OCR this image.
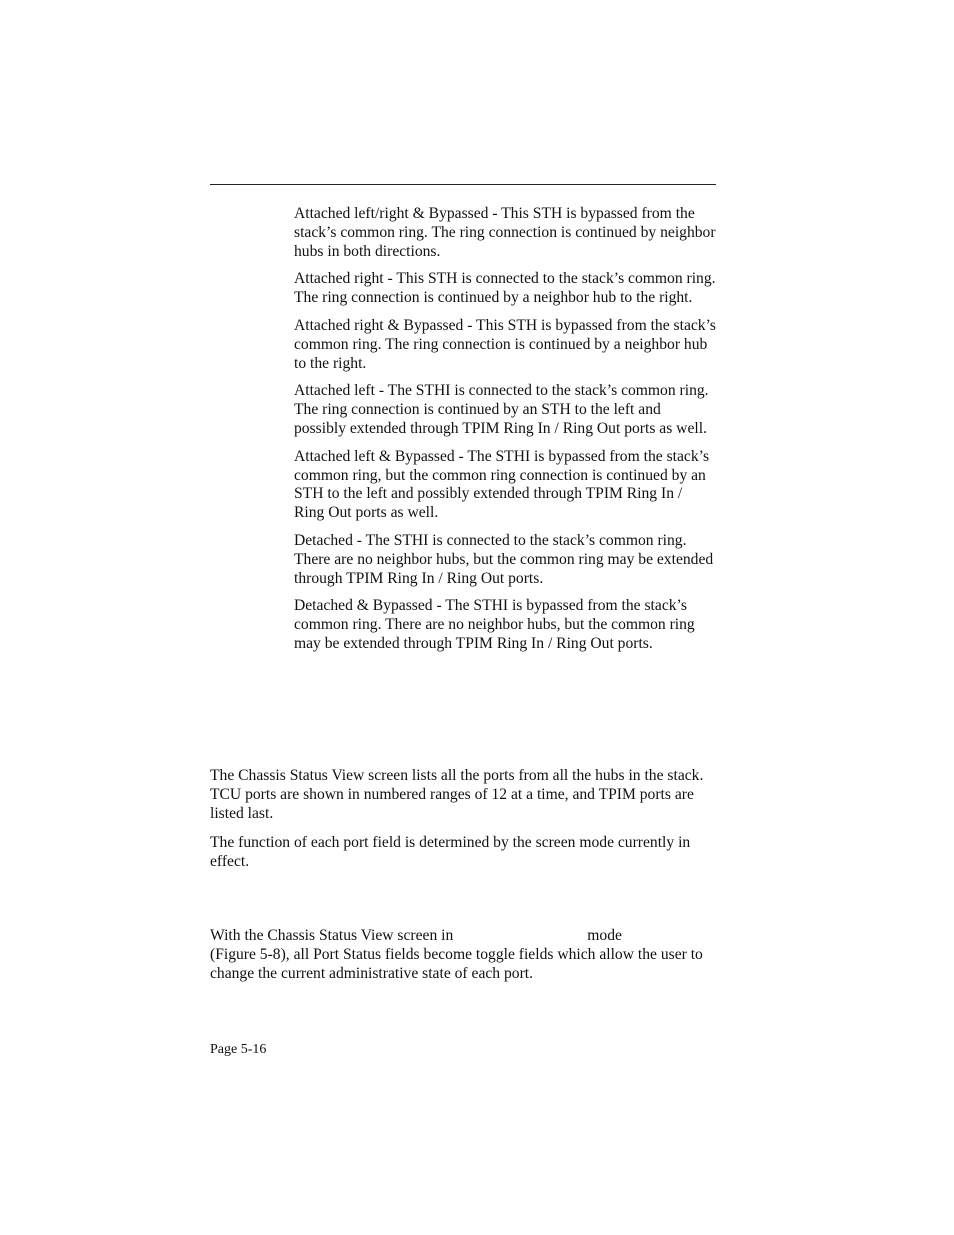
Attached left/right & Bypassed - This STH is bypassed from the stack’s common ring. The ring connection is continued by neighbor hubs in both directions.

Attached right - This STH is connected to the stack’s common ring. The ring connection is continued by a neighbor hub to the right.

Attached right & Bypassed - This STH is bypassed from the stack’s common ring. The ring connection is continued by a neighbor hub to the right.

Attached left - The STHI is connected to the stack’s common ring. The ring connection is continued by an STH to the left and possibly extended through TPIM Ring In / Ring Out ports as well.

Attached left & Bypassed - The STHI is bypassed from the stack’s common ring, but the common ring connection is continued by an STH to the left and possibly extended through TPIM Ring In / Ring Out ports as well.

Detached - The STHI is connected to the stack’s common ring. There are no neighbor hubs, but the common ring may be extended through TPIM Ring In / Ring Out ports.

Detached & Bypassed - The STHI is bypassed from the stack’s common ring. There are no neighbor hubs, but the common ring may be extended through TPIM Ring In / Ring Out ports.

The Chassis Status View screen lists all the ports from all the hubs in the stack. TCU ports are shown in numbered ranges of 12 at a time, and TPIM ports are listed last.

The function of each port field is determined by the screen mode currently in effect.

With the Chassis Status View screen in	mode
(Figure 5-8), all Port Status fields become toggle fields which allow the user to change the current administrative state of each port.

Page 5-16
